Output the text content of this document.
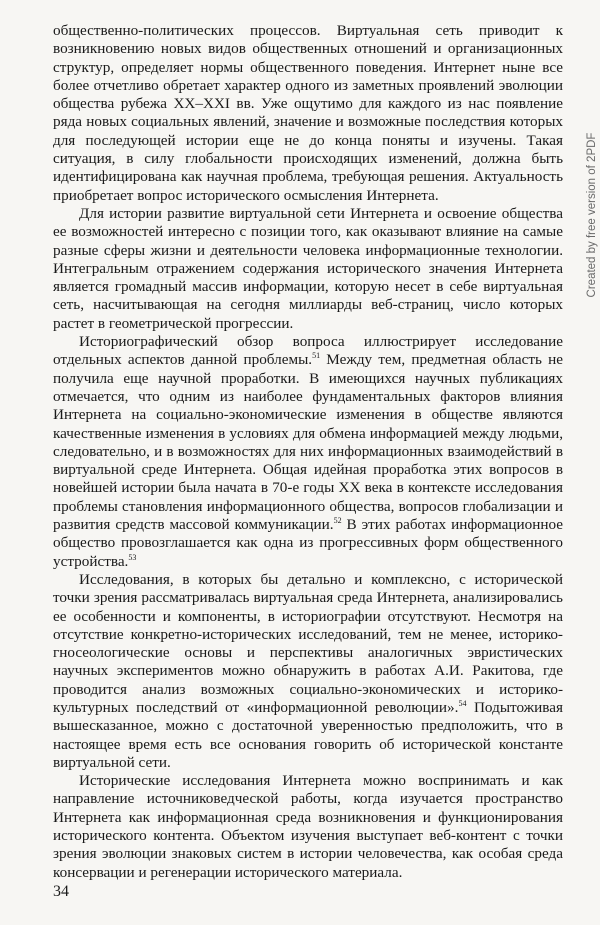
общественно-политических процессов. Виртуальная сеть приводит к возникновению новых видов общественных отношений и организационных структур, определяет нормы общественного поведения. Интернет ныне все более отчетливо обретает характер одного из заметных проявлений эволюции общества рубежа XX–XXI вв. Уже ощутимо для каждого из нас появление ряда новых социальных явлений, значение и возможные последствия которых для последующей истории еще не до конца поняты и изучены. Такая ситуация, в силу глобальности происходящих изменений, должна быть идентифицирована как научная проблема, требующая решения. Актуальность приобретает вопрос исторического осмысления Интернета.

Для истории развитие виртуальной сети Интернета и освоение общества ее возможностей интересно с позиции того, как оказывают влияние на самые разные сферы жизни и деятельности человека информационные технологии. Интегральным отражением содержания исторического значения Интернета является громадный массив информации, которую несет в себе виртуальная сеть, насчитывающая на сегодня миллиарды веб-страниц, число которых растет в геометрической прогрессии.

Историографический обзор вопроса иллюстрирует исследование отдельных аспектов данной проблемы.$^{51}$ Между тем, предметная область не получила еще научной проработки. В имеющихся научных публикациях отмечается, что одним из наиболее фундаментальных факторов влияния Интернета на социально-экономические изменения в обществе являются качественные изменения в условиях для обмена информацией между людьми, следовательно, и в возможностях для них информационных взаимодействий в виртуальной среде Интернета. Общая идейная проработка этих вопросов в новейшей истории была начата в 70-е годы XX века в контексте исследования проблемы становления информационного общества, вопросов глобализации и развития средств массовой коммуникации.$^{52}$ В этих работах информационное общество провозглашается как одна из прогрессивных форм общественного устройства.$^{53}$

Исследования, в которых бы детально и комплексно, с исторической точки зрения рассматривалась виртуальная среда Интернета, анализировались ее особенности и компоненты, в историографии отсутствуют. Несмотря на отсутствие конкретно-исторических исследований, тем не менее, историко-гносеологические основы и перспективы аналогичных эвристических научных экспериментов можно обнаружить в работах А.И. Ракитова, где проводится анализ возможных социально-экономических и историко-культурных последствий от «информационной революции».$^{54}$ Подытоживая вышесказанное, можно с достаточной уверенностью предположить, что в настоящее время есть все основания говорить об исторической константе виртуальной сети.

Исторические исследования Интернета можно воспринимать и как направление источниковедческой работы, когда изучается пространство Интернета как информационная среда возникновения и функционирования исторического контента. Объектом изучения выступает веб-контент с точки зрения эволюции знаковых систем в истории человечества, как особая среда консервации и регенерации исторического материала.

34
Created by free version of 2PDF
